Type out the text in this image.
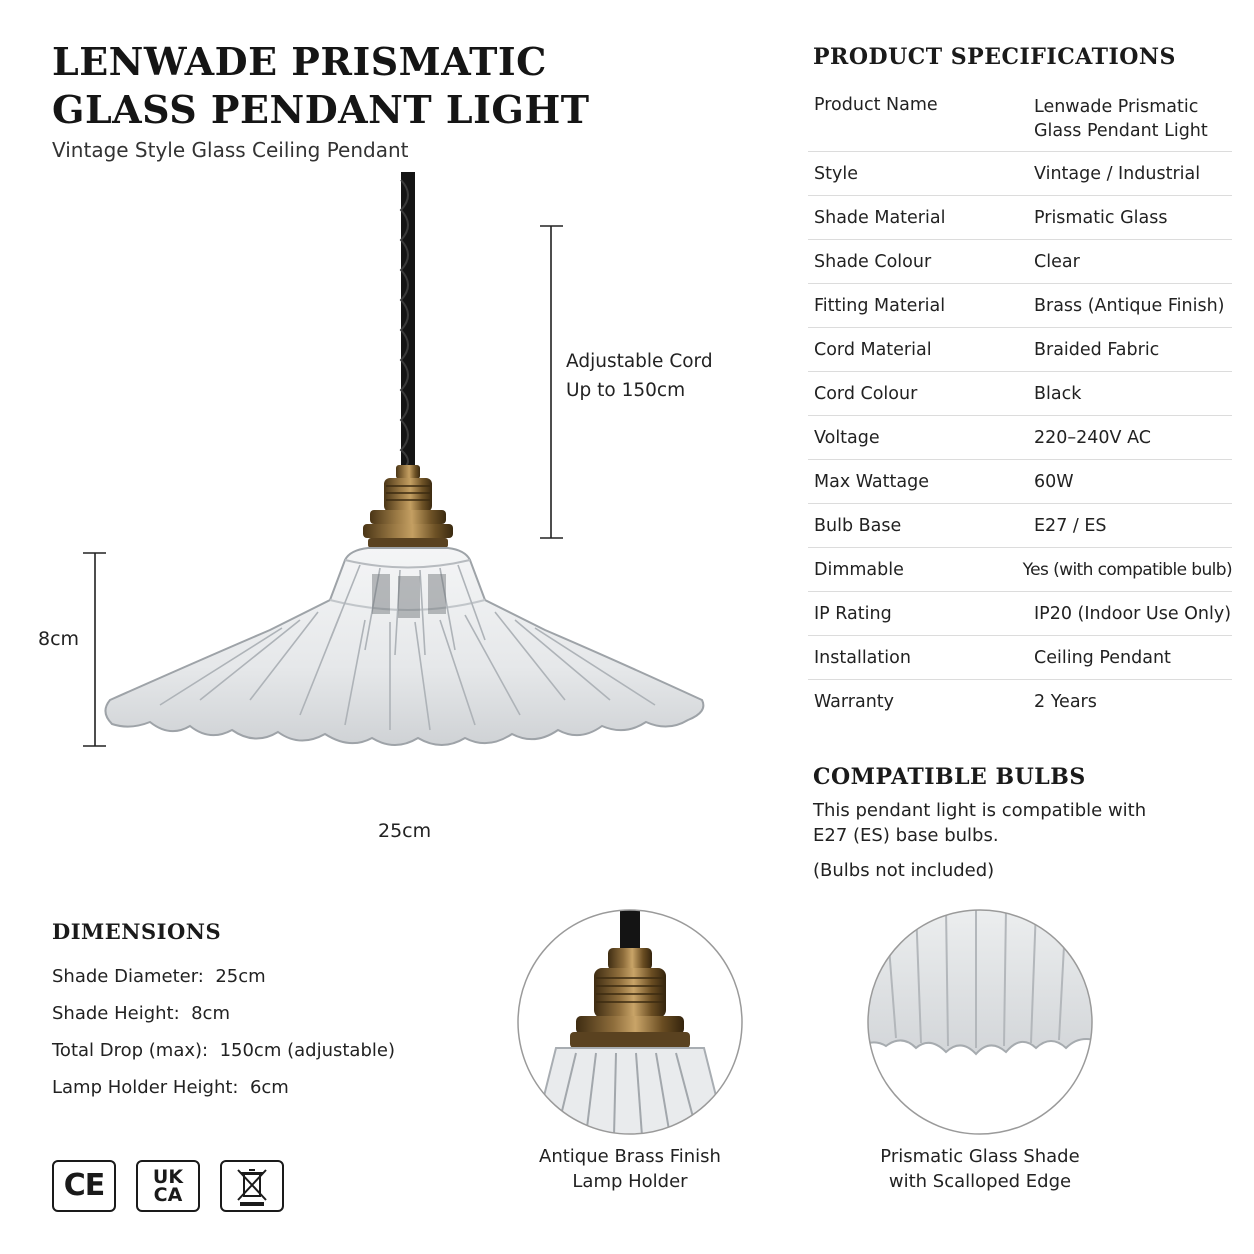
LENWADE PRISMATIC
GLASS PENDANT LIGHT
Vintage Style Glass Ceiling Pendant
Adjustable Cord
Up to 150cm
8cm
25cm
PRODUCT SPECIFICATIONS
Product Name	Lenwade Prismatic
Glass Pendant Light
Style	Vintage / Industrial
Shade Material	Prismatic Glass
Shade Colour	Clear
Fitting Material	Brass (Antique Finish)
Cord Material	Braided Fabric
Cord Colour	Black
Voltage	220–240V AC
Max Wattage	60W
Bulb Base	E27 / ES
Dimmable	Yes (with compatible bulb)
IP Rating	IP20 (Indoor Use Only)
Installation	Ceiling Pendant
Warranty	2 Years
COMPATIBLE BULBS
This pendant light is compatible with
E27 (ES) base bulbs.
(Bulbs not included)
DIMENSIONS
Shade Diameter: 25cm
Shade Height: 8cm
Total Drop (max): 150cm (adjustable)
Lamp Holder Height: 6cm
CE	UK
CA
Antique Brass Finish
Lamp Holder
Prismatic Glass Shade
with Scalloped Edge
